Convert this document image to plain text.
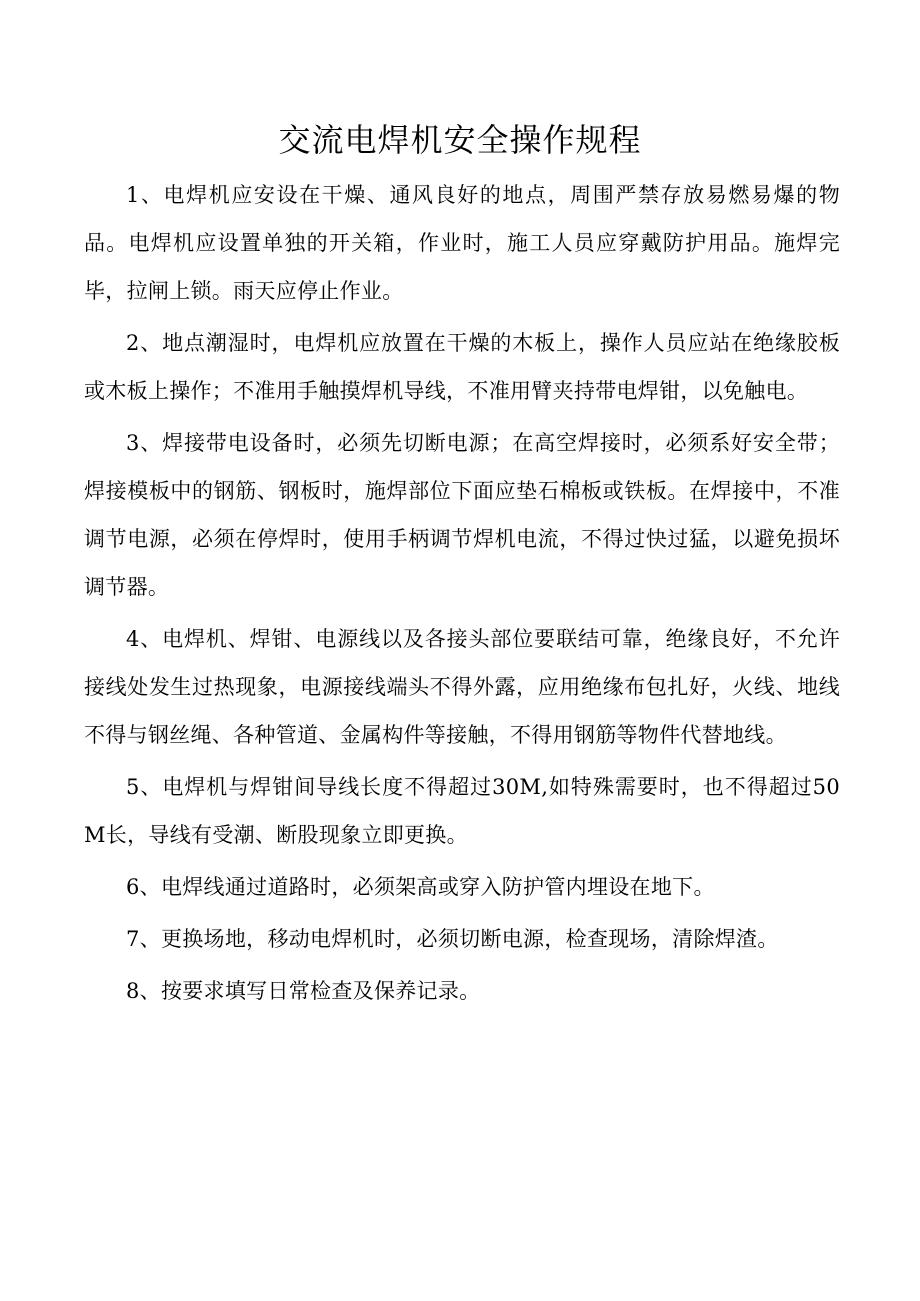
交流电焊机安全操作规程

1、电焊机应安设在干燥、通风良好的地点，周围严禁存放易燃易爆的物品。电焊机应设置单独的开关箱，作业时，施工人员应穿戴防护用品。施焊完毕，拉闸上锁。雨天应停止作业。

2、地点潮湿时，电焊机应放置在干燥的木板上，操作人员应站在绝缘胶板或木板上操作；不准用手触摸焊机导线，不准用臂夹持带电焊钳，以免触电。

3、焊接带电设备时，必须先切断电源；在高空焊接时，必须系好安全带；焊接模板中的钢筋、钢板时，施焊部位下面应垫石棉板或铁板。在焊接中，不准调节电源，必须在停焊时，使用手柄调节焊机电流，不得过快过猛，以避免损坏调节器。

4、电焊机、焊钳、电源线以及各接头部位要联结可靠，绝缘良好，不允许接线处发生过热现象，电源接线端头不得外露，应用绝缘布包扎好，火线、地线不得与钢丝绳、各种管道、金属构件等接触，不得用钢筋等物件代替地线。

5、电焊机与焊钳间导线长度不得超过30M,如特殊需要时，也不得超过50M长，导线有受潮、断股现象立即更换。

6、电焊线通过道路时，必须架高或穿入防护管内埋设在地下。

7、更换场地，移动电焊机时，必须切断电源，检查现场，清除焊渣。

8、按要求填写日常检查及保养记录。
